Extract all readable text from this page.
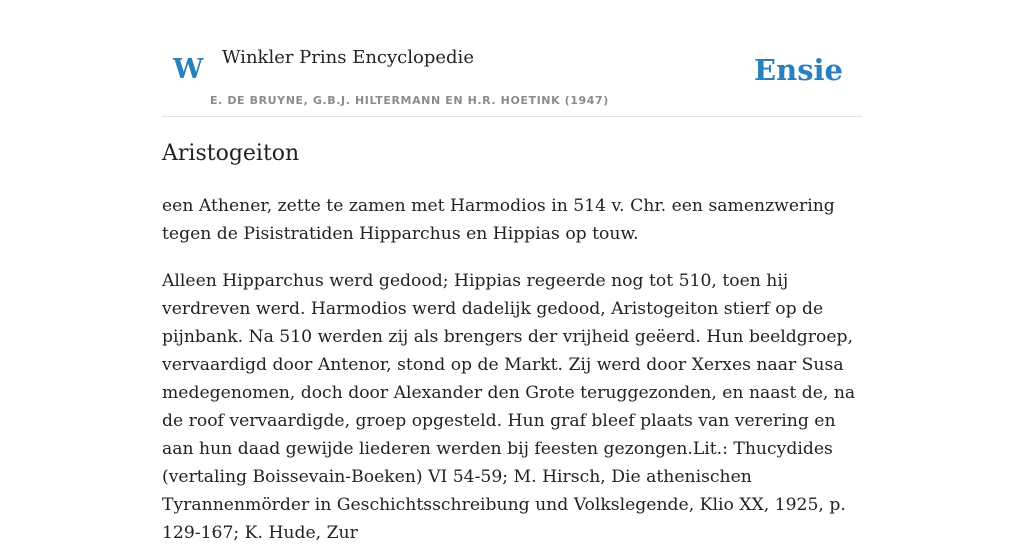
W Winkler Prins Encyclopedie
E. DE BRUYNE, G.B.J. HILTERMANN EN H.R. HOETINK (1947)
Ensie
Aristogeiton

een Athener, zette te zamen met Harmodios in 514 v. Chr. een samenzwering tegen de Pisistratiden Hipparchus en Hippias op touw.

Alleen Hipparchus werd gedood; Hippias regeerde nog tot 510, toen hij verdreven werd. Harmodios werd dadelijk gedood, Aristogeiton stierf op de pijnbank. Na 510 werden zij als brengers der vrijheid geëerd. Hun beeldgroep, vervaardigd door Antenor, stond op de Markt. Zij werd door Xerxes naar Susa medegenomen, doch door Alexander den Grote teruggezonden, en naast de, na de roof vervaardigde, groep opgesteld. Hun graf bleef plaats van verering en aan hun daad gewijde liederen werden bij feesten gezongen.Lit.: Thucydides (vertaling Boissevain-Boeken) VI 54-59; M. Hirsch, Die athenischen Tyrannenmörder in Geschichtsschreibung und Volkslegende, Klio XX, 1925, p. 129-167; K. Hude, Zur
